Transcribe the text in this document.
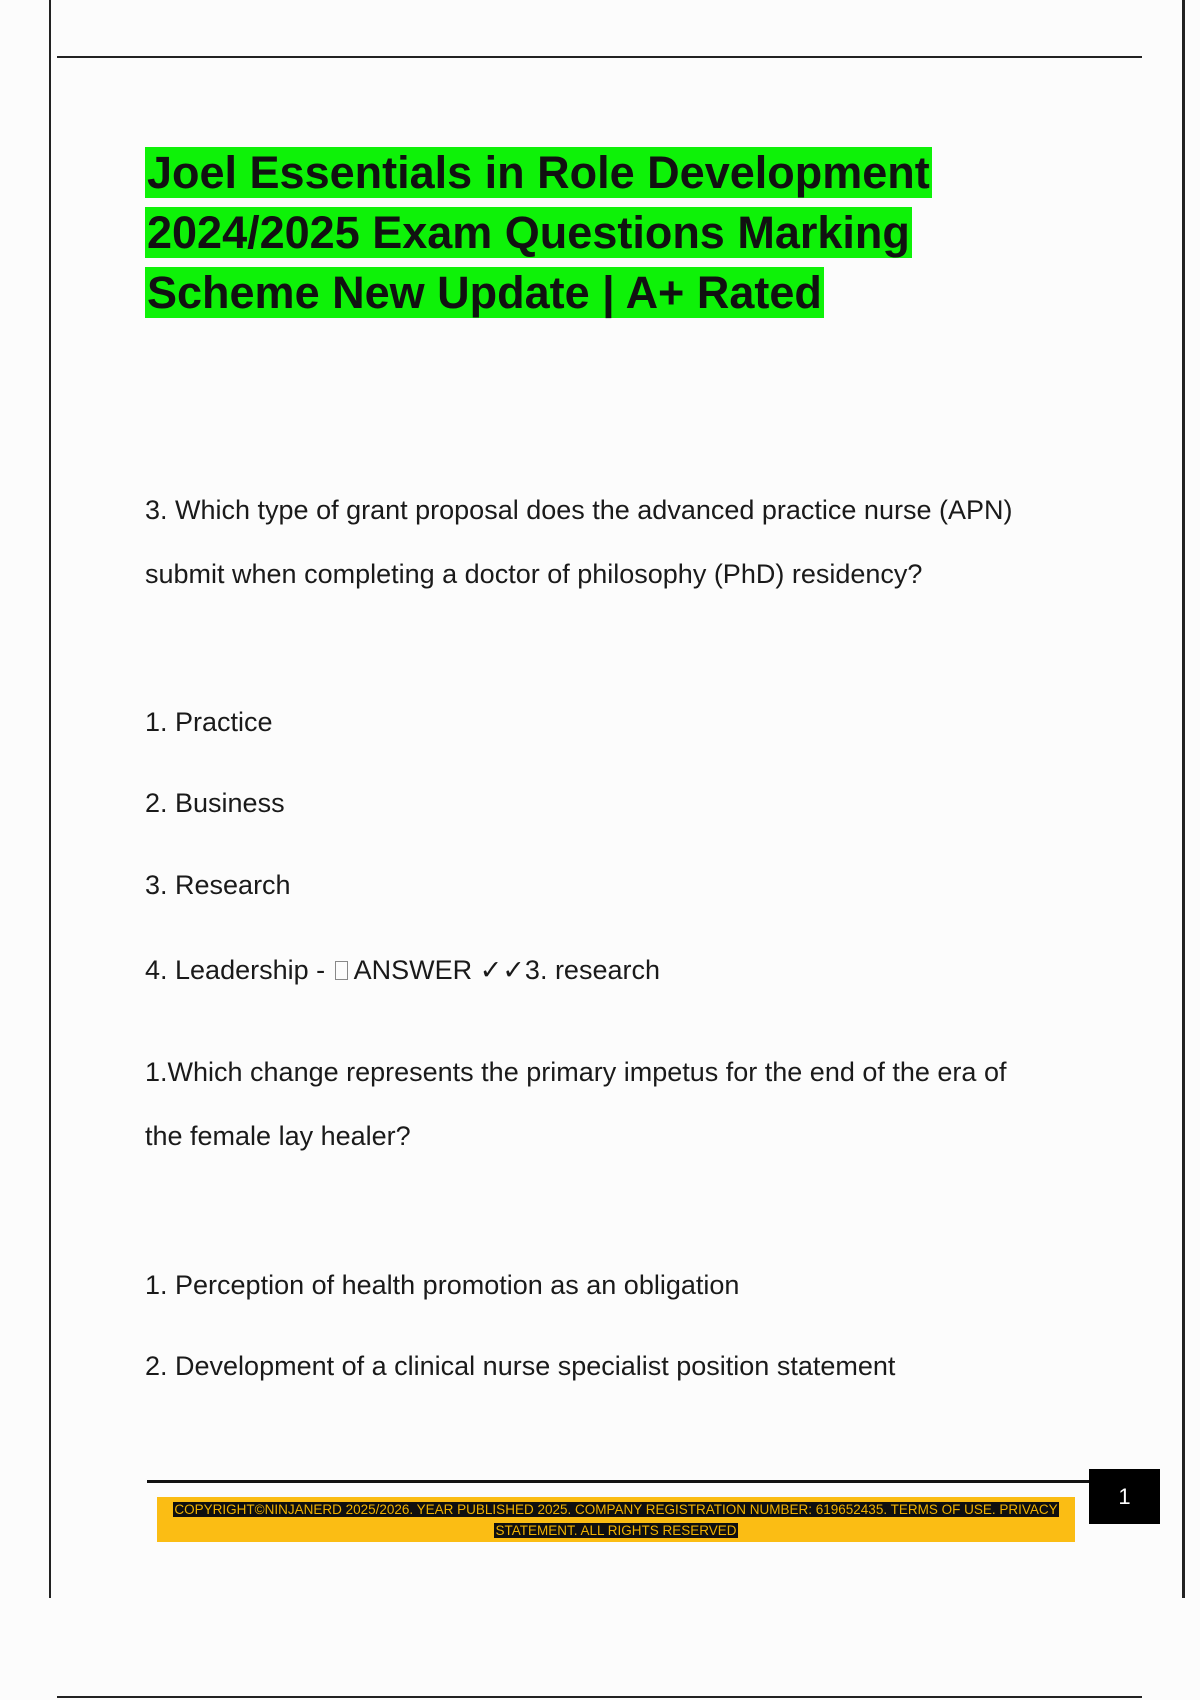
Joel Essentials in Role Development
2024/2025 Exam Questions Marking
Scheme New Update | A+ Rated
3. Which type of grant proposal does the advanced practice nurse (APN)
submit when completing a doctor of philosophy (PhD) residency?
1. Practice
2. Business
3. Research
4. Leadership - ANSWER ✓✓3. research
1.Which change represents the primary impetus for the end of the era of
the female lay healer?
1. Perception of health promotion as an obligation
2. Development of a clinical nurse specialist position statement
COPYRIGHT©NINJANERD 2025/2026. YEAR PUBLISHED 2025. COMPANY REGISTRATION NUMBER: 619652435. TERMS OF USE. PRIVACY
STATEMENT. ALL RIGHTS RESERVED
1
